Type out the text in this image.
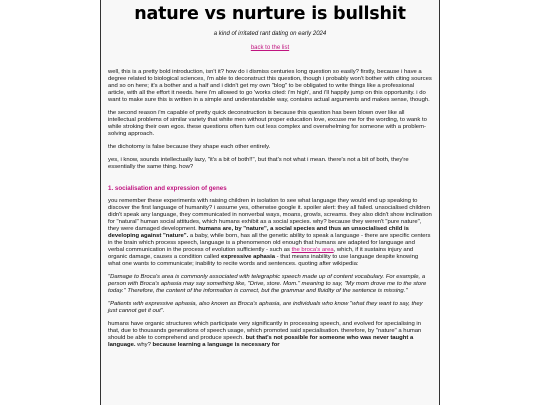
nature vs nurture is bullshit
a kind of irritated rant dating on early 2024
back to the list

well, this is a pretty bold introduction, isn't it? how do i dismiss centuries long question so easily? firstly, because i have a degree related to biological sciences, i'm able to deconstruct this question, though i probably won't bother with citing sources and so on here; it's a bother and a half and i didn't get my own "blog" to be obligated to write things like a professional article, with all the effort it needs. here i'm allowed to go 'works cited: i'm high', and i'll happily jump on this opportunity. i do want to make sure this is written in a simple and understandable way, contains actual arguments and makes sense, though.

the second reason i'm capable of pretty quick deconstruction is because this question has been blown over like all intellectual problems of similar variety that white men without proper education love, excuse me for the wording, to wank to while stroking their own egos. these questions often turn out less complex and overwhelming for someone with a problem-solving approach.

the dichotomy is false because they shape each other entirely.

yes, i know, sounds intellectually lazy, "it's a bit of both!!", but that's not what i mean. there's not a bit of both, they're essentially the same thing. how?

1. socialisation and expression of genes

you remember these experiments with raising children in isolation to see what language they would end up speaking to discover the first language of humanity? i assume yes, otherwise google it. spoiler alert: they all failed. unsocialised children didn't speak any language, they communicated in nonverbal ways, moans, growls, screams. they also didn't show inclination for "natural" human social attitudes, which humans exhibit as a social species. why? because they weren't "pure nature", they were damaged development. humans are, by "nature", a social species and thus an unsocialised child is developing against "nature". a baby, while born, has all the genetic ability to speak a language - there are specific centers in the brain which process speech, language is a phenomenon old enough that humans are adapted for language and verbal communication in the process of evolution sufficiently - such as the broca's area, which, if it sustains injury and organic damage, causes a condition called expressive aphasia - that means inability to use language despite knowing what one wants to communicate; inability to recite words and sentences. quoting after wikipedia:

"Damage to Broca's area is commonly associated with telegraphic speech made up of content vocabulary. For example, a person with Broca's aphasia may say something like, "Drive, store. Mom." meaning to say, "My mom drove me to the store today." Therefore, the content of the information is correct, but the grammar and fluidity of the sentence is missing."

"Patients with expressive aphasia, also known as Broca's aphasia, are individuals who know "what they want to say, they just cannot get it out".

humans have organic structures which participate very significantly in processing speech, and evolved for specialising in that, due to thousands generations of speech usage, which promoted said specialisation. therefore, by "nature" a human should be able to comprehend and produce speech. but that's not possible for someone who was never taught a language. why? because learning a language is necessary for
